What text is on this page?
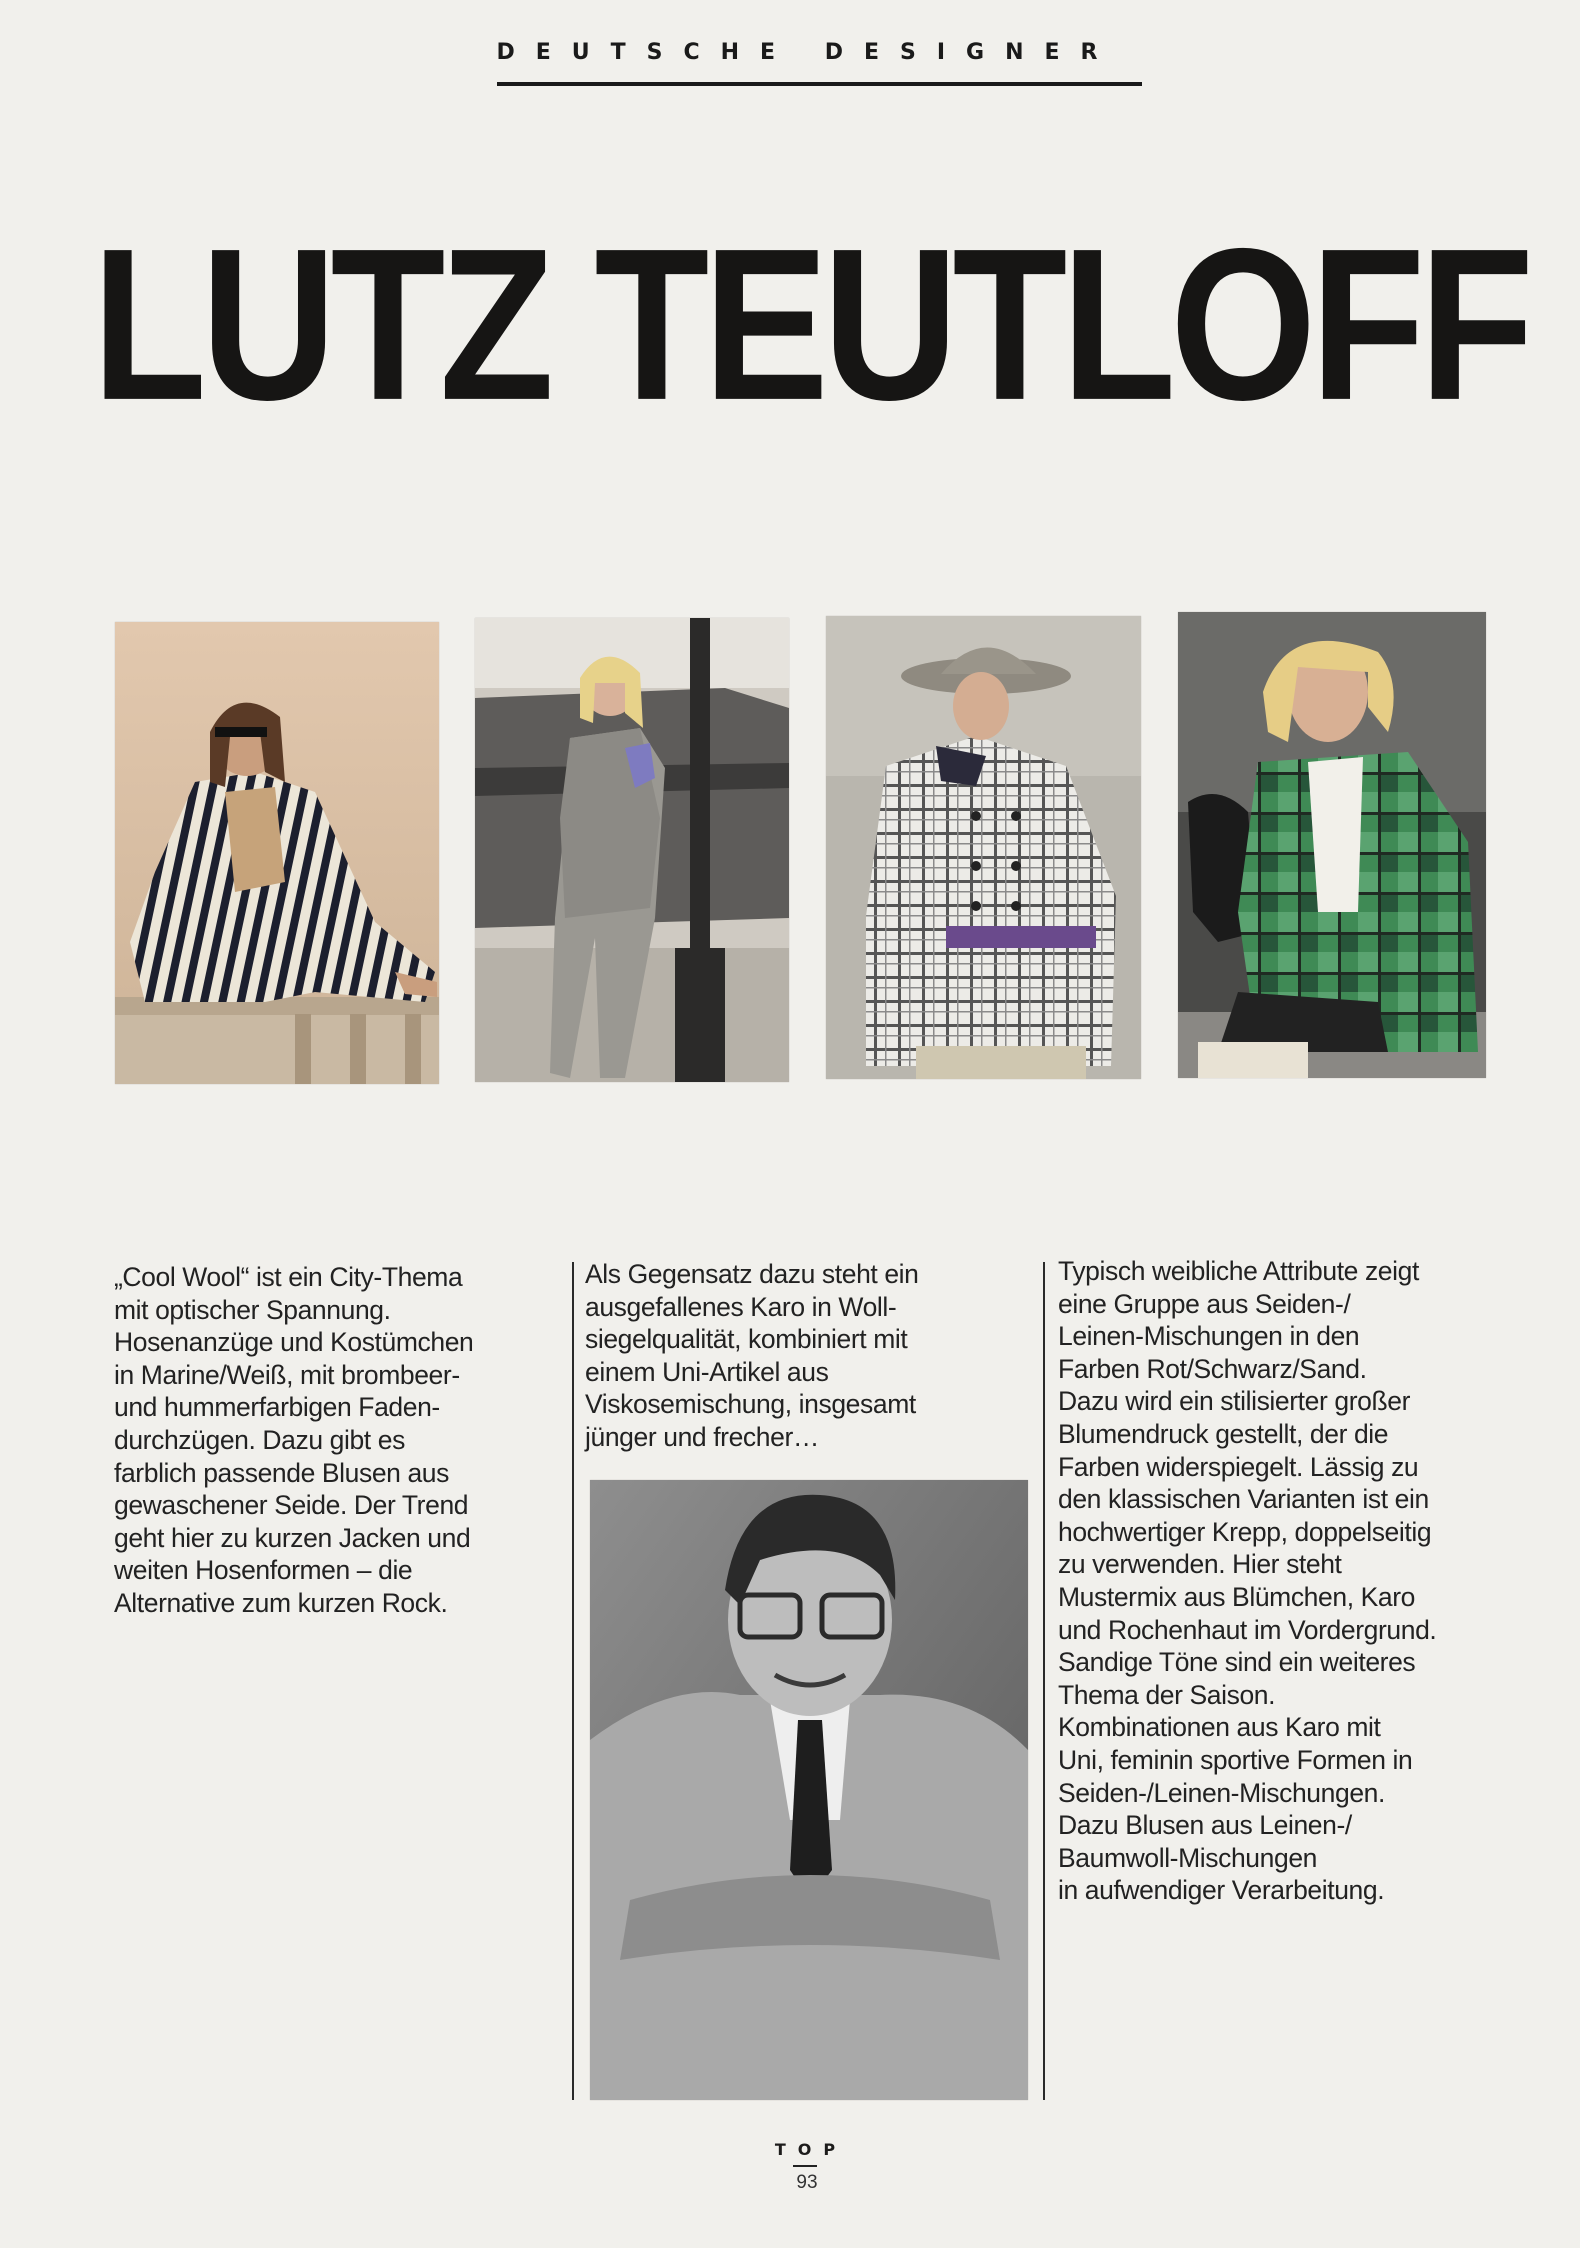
DEUTSCHE DESIGNER
LUTZ TEUTLOFF

„Cool Wool“ ist ein City-Thema
mit optischer Spannung.
Hosenanzüge und Kostümchen
in Marine/Weiß, mit brombeer-
und hummerfarbigen Faden-
durchzügen. Dazu gibt es
farblich passende Blusen aus
gewaschener Seide. Der Trend
geht hier zu kurzen Jacken und
weiten Hosenformen – die
Alternative zum kurzen Rock.

Als Gegensatz dazu steht ein
ausgefallenes Karo in Woll-
siegelqualität, kombiniert mit
einem Uni-Artikel aus
Viskosemischung, insgesamt
jünger und frecher…

Typisch weibliche Attribute zeigt
eine Gruppe aus Seiden-/
Leinen-Mischungen in den
Farben Rot/Schwarz/Sand.
Dazu wird ein stilisierter großer
Blumendruck gestellt, der die
Farben widerspiegelt. Lässig zu
den klassischen Varianten ist ein
hochwertiger Krepp, doppelseitig
zu verwenden. Hier steht
Mustermix aus Blümchen, Karo
und Rochenhaut im Vordergrund.
Sandige Töne sind ein weiteres
Thema der Saison.
Kombinationen aus Karo mit
Uni, feminin sportive Formen in
Seiden-/Leinen-Mischungen.
Dazu Blusen aus Leinen-/
Baumwoll-Mischungen
in aufwendiger Verarbeitung.

TOP
93
